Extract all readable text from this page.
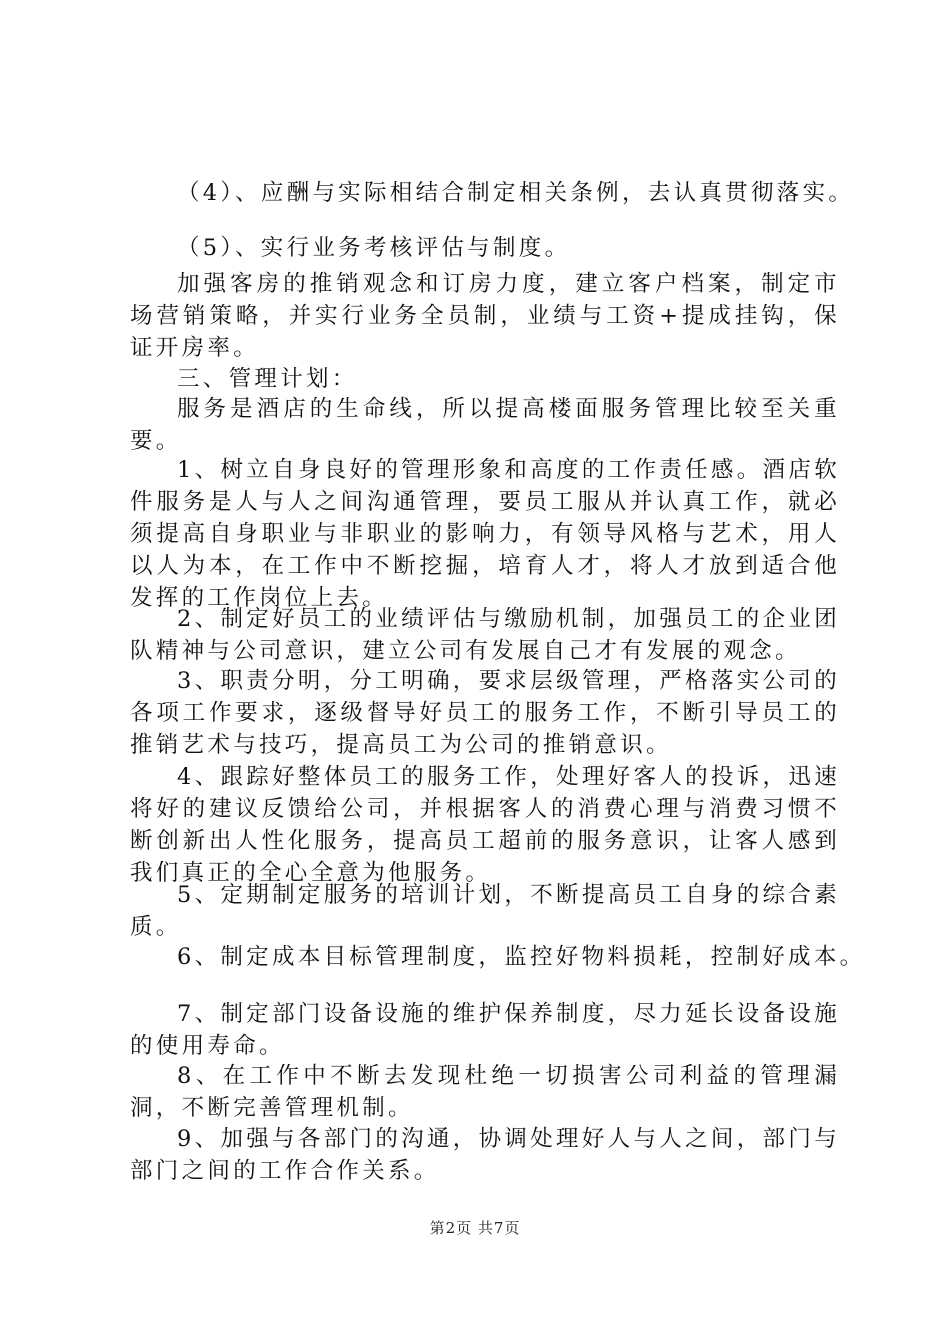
（4）、应酬与实际相结合制定相关条例，去认真贯彻落实。

（5）、实行业务考核评估与制度。

加强客房的推销观念和订房力度，建立客户档案，制定市场营销策略，并实行业务全员制，业绩与工资+提成挂钩，保证开房率。

三、管理计划：

服务是酒店的生命线，所以提高楼面服务管理比较至关重要。

1、树立自身良好的管理形象和高度的工作责任感。酒店软件服务是人与人之间沟通管理，要员工服从并认真工作，就必须提高自身职业与非职业的影响力，有领导风格与艺术，用人以人为本，在工作中不断挖掘，培育人才，将人才放到适合他发挥的工作岗位上去。

2、制定好员工的业绩评估与缴励机制，加强员工的企业团队精神与公司意识，建立公司有发展自己才有发展的观念。

3、职责分明，分工明确，要求层级管理，严格落实公司的各项工作要求，逐级督导好员工的服务工作，不断引导员工的推销艺术与技巧，提高员工为公司的推销意识。

4、跟踪好整体员工的服务工作，处理好客人的投诉，迅速将好的建议反馈给公司，并根据客人的消费心理与消费习惯不断创新出人性化服务，提高员工超前的服务意识，让客人感到我们真正的全心全意为他服务。

5、定期制定服务的培训计划，不断提高员工自身的综合素质。

6、制定成本目标管理制度，监控好物料损耗，控制好成本。

7、制定部门设备设施的维护保养制度，尽力延长设备设施的使用寿命。

8、在工作中不断去发现杜绝一切损害公司利益的管理漏洞，不断完善管理机制。

9、加强与各部门的沟通，协调处理好人与人之间，部门与部门之间的工作合作关系。

第2页 共7页
